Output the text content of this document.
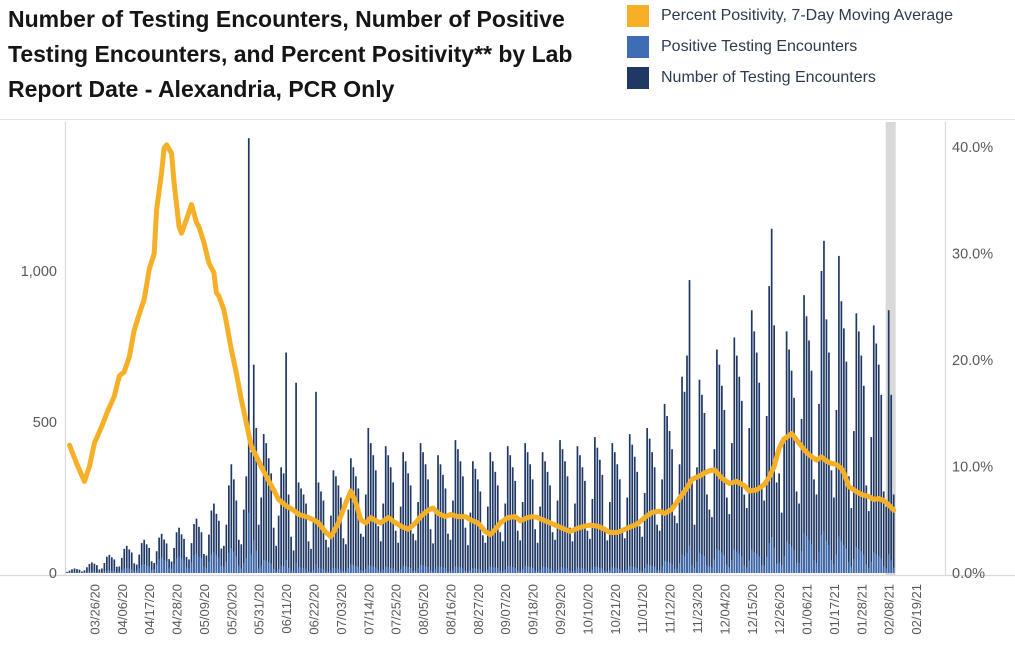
0
500
1,000
0.0%
10.0%
20.0%
30.0%
40.0%
03/26/20 04/06/20 04/17/20 04/28/20 05/09/20 05/20/20 05/31/20 06/11/20 06/22/20 07/03/20 07/14/20 07/25/20 08/05/20 08/16/20 08/27/20 09/07/20 09/18/20 09/29/20 10/10/20 10/21/20 11/01/20 11/12/20 11/23/20 12/04/20 12/15/20 12/26/20 01/06/21 01/17/21 01/28/21 02/08/21 02/19/21
Number of Testing Encounters, Number of Positive Testing Encounters, and Percent Positivity** by Lab Report Date - Alexandria, PCR Only
Percent Positivity, 7-Day Moving Average
Positive Testing Encounters
Number of Testing Encounters
